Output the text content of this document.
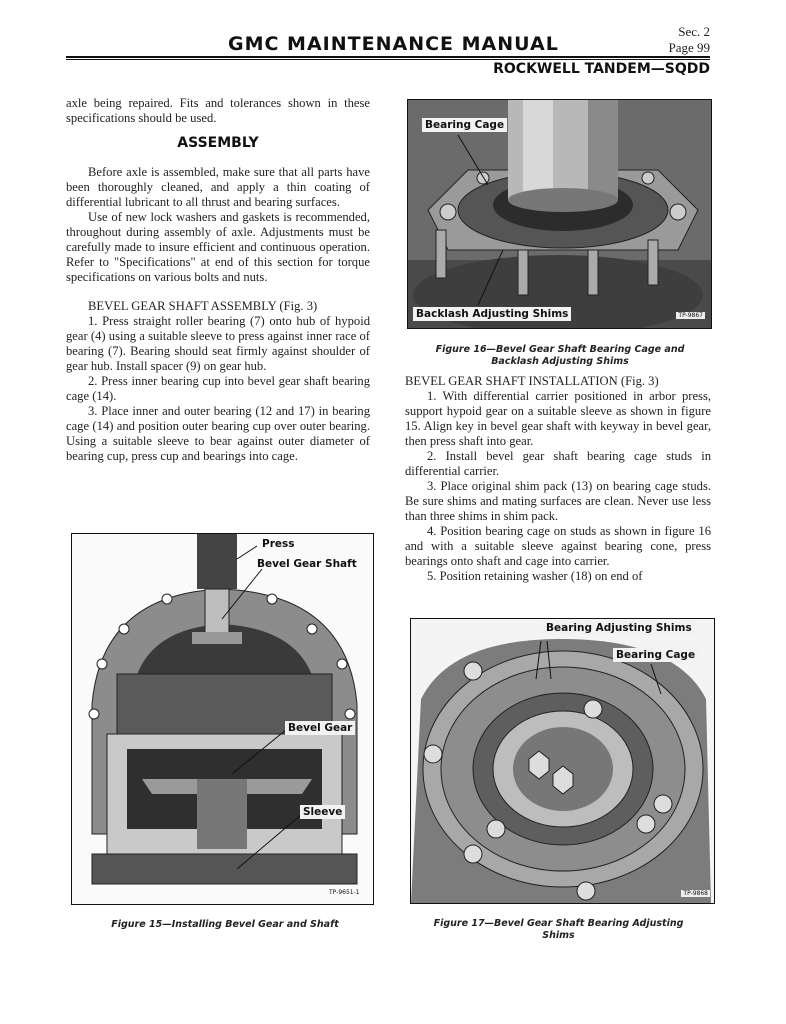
GMC MAINTENANCE MANUAL
Sec. 2
Page 99
ROCKWELL TANDEM—SQDD

axle being repaired. Fits and tolerances shown in these specifications should be used.

ASSEMBLY

Before axle is assembled, make sure that all parts have been thoroughly cleaned, and apply a thin coating of differential lubricant to all thrust and bearing surfaces.

Use of new lock washers and gaskets is recommended, throughout during assembly of axle. Adjustments must be carefully made to insure efficient and continuous operation. Refer to "Specifications" at end of this section for torque specifications on various bolts and nuts.

BEVEL GEAR SHAFT ASSEMBLY (Fig. 3)

1. Press straight roller bearing (7) onto hub of hypoid gear (4) using a suitable sleeve to press against inner race of bearing (7). Bearing should seat firmly against shoulder of gear hub. Install spacer (9) on gear hub.

2. Press inner bearing cup into bevel gear shaft bearing cage (14).

3. Place inner and outer bearing (12 and 17) in bearing cage (14) and position outer bearing cup over outer bearing. Using a suitable sleeve to bear against outer diameter of bearing cup, press cup and bearings into cage.

BEVEL GEAR SHAFT INSTALLATION (Fig. 3)

1. With differential carrier positioned in arbor press, support hypoid gear on a suitable sleeve as shown in figure 15. Align key in bevel gear shaft with keyway in bevel gear, then press shaft into gear.

2. Install bevel gear shaft bearing cage studs in differential carrier.

3. Place original shim pack (13) on bearing cage studs. Be sure shims and mating surfaces are clean. Never use less than three shims in shim pack.

4. Position bearing cage on studs as shown in figure 16 and with a suitable sleeve against bearing cone, press bearings onto shaft and cage into carrier.

5. Position retaining washer (18) on end of

Bearing Cage
Backlash Adjusting Shims	TP-9867
Figure 16—Bevel Gear Shaft Bearing Cage and Backlash Adjusting Shims
Press
Bevel Gear Shaft
Bevel Gear
Sleeve
TP-9651-1
Figure 15—Installing Bevel Gear and Shaft
Bearing Adjusting Shims
Bearing Cage
TP-9868
Figure 17—Bevel Gear Shaft Bearing Adjusting Shims
